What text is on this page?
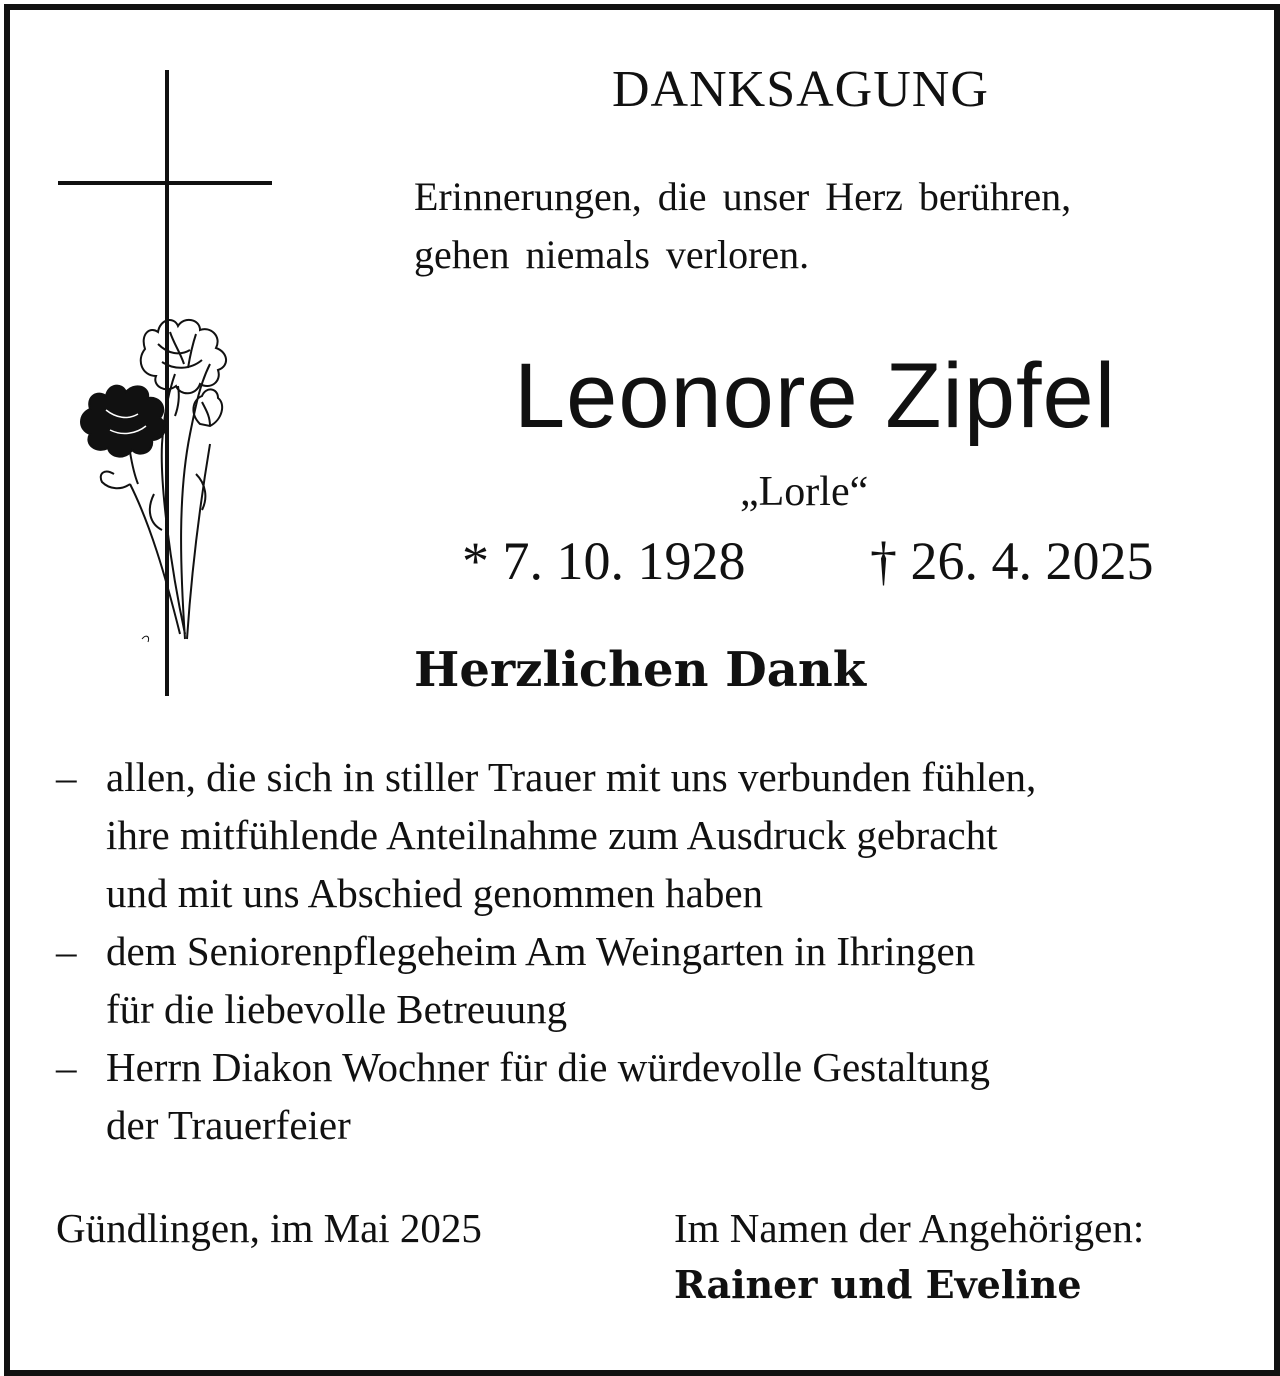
DANKSAGUNG
Erinnerungen, die unser Herz berühren,
gehen niemals verloren.
Leonore Zipfel
„Lorle“
* 7. 10. 1928 † 26. 4. 2025
Herzlichen Dank
– allen, die sich in stiller Trauer mit uns verbunden fühlen,
ihre mitfühlende Anteilnahme zum Ausdruck gebracht
und mit uns Abschied genommen haben
– dem Seniorenpflegeheim Am Weingarten in Ihringen
für die liebevolle Betreuung
– Herrn Diakon Wochner für die würdevolle Gestaltung
der Trauerfeier
Gündlingen, im Mai 2025	Im Namen der Angehörigen:
Rainer und Eveline
